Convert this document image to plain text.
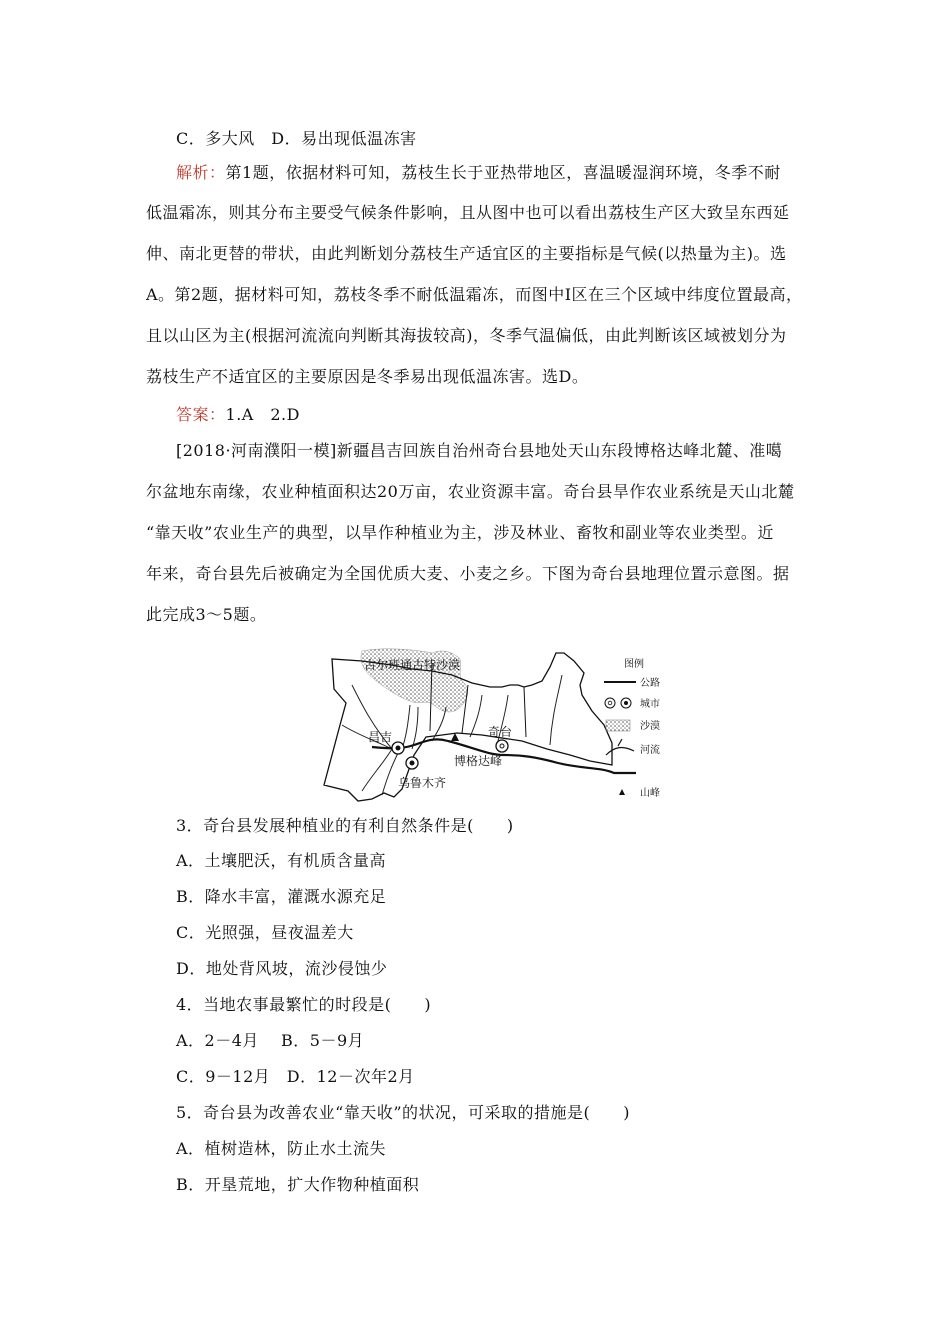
C．多大风　D．易出现低温冻害
解析：第1题，依据材料可知，荔枝生长于亚热带地区，喜温暖湿润环境，冬季不耐
低温霜冻，则其分布主要受气候条件影响，且从图中也可以看出荔枝生产区大致呈东西延
伸、南北更替的带状，由此判断划分荔枝生产适宜区的主要指标是气候(以热量为主)。选
A。第2题，据材料可知，荔枝冬季不耐低温霜冻，而图中Ⅰ区在三个区域中纬度位置最高，
且以山区为主(根据河流流向判断其海拔较高)，冬季气温偏低，由此判断该区域被划分为
荔枝生产不适宜区的主要原因是冬季易出现低温冻害。选D。
答案：1.A　2.D
[2018·河南濮阳一模]新疆昌吉回族自治州奇台县地处天山东段博格达峰北麓、准噶
尔盆地东南缘，农业种植面积达20万亩，农业资源丰富。奇台县旱作农业系统是天山北麓
“靠天收”农业生产的典型，以旱作种植业为主，涉及林业、畜牧和副业等农业类型。近
年来，奇台县先后被确定为全国优质大麦、小麦之乡。下图为奇台县地理位置示意图。据
此完成3～5题。
古尔班通古特沙漠
昌吉	奇台
博格达峰
乌鲁木齐
图例
公路
城市
沙漠
河流
山峰
3．奇台县发展种植业的有利自然条件是(　　)
A．土壤肥沃，有机质含量高
B．降水丰富，灌溉水源充足
C．光照强，昼夜温差大
D．地处背风坡，流沙侵蚀少
4．当地农事最繁忙的时段是(　　)
A．2－4月　 B．5－9月
C．9－12月　D．12－次年2月
5．奇台县为改善农业“靠天收”的状况，可采取的措施是(　　)
A．植树造林，防止水土流失
B．开垦荒地，扩大作物种植面积
